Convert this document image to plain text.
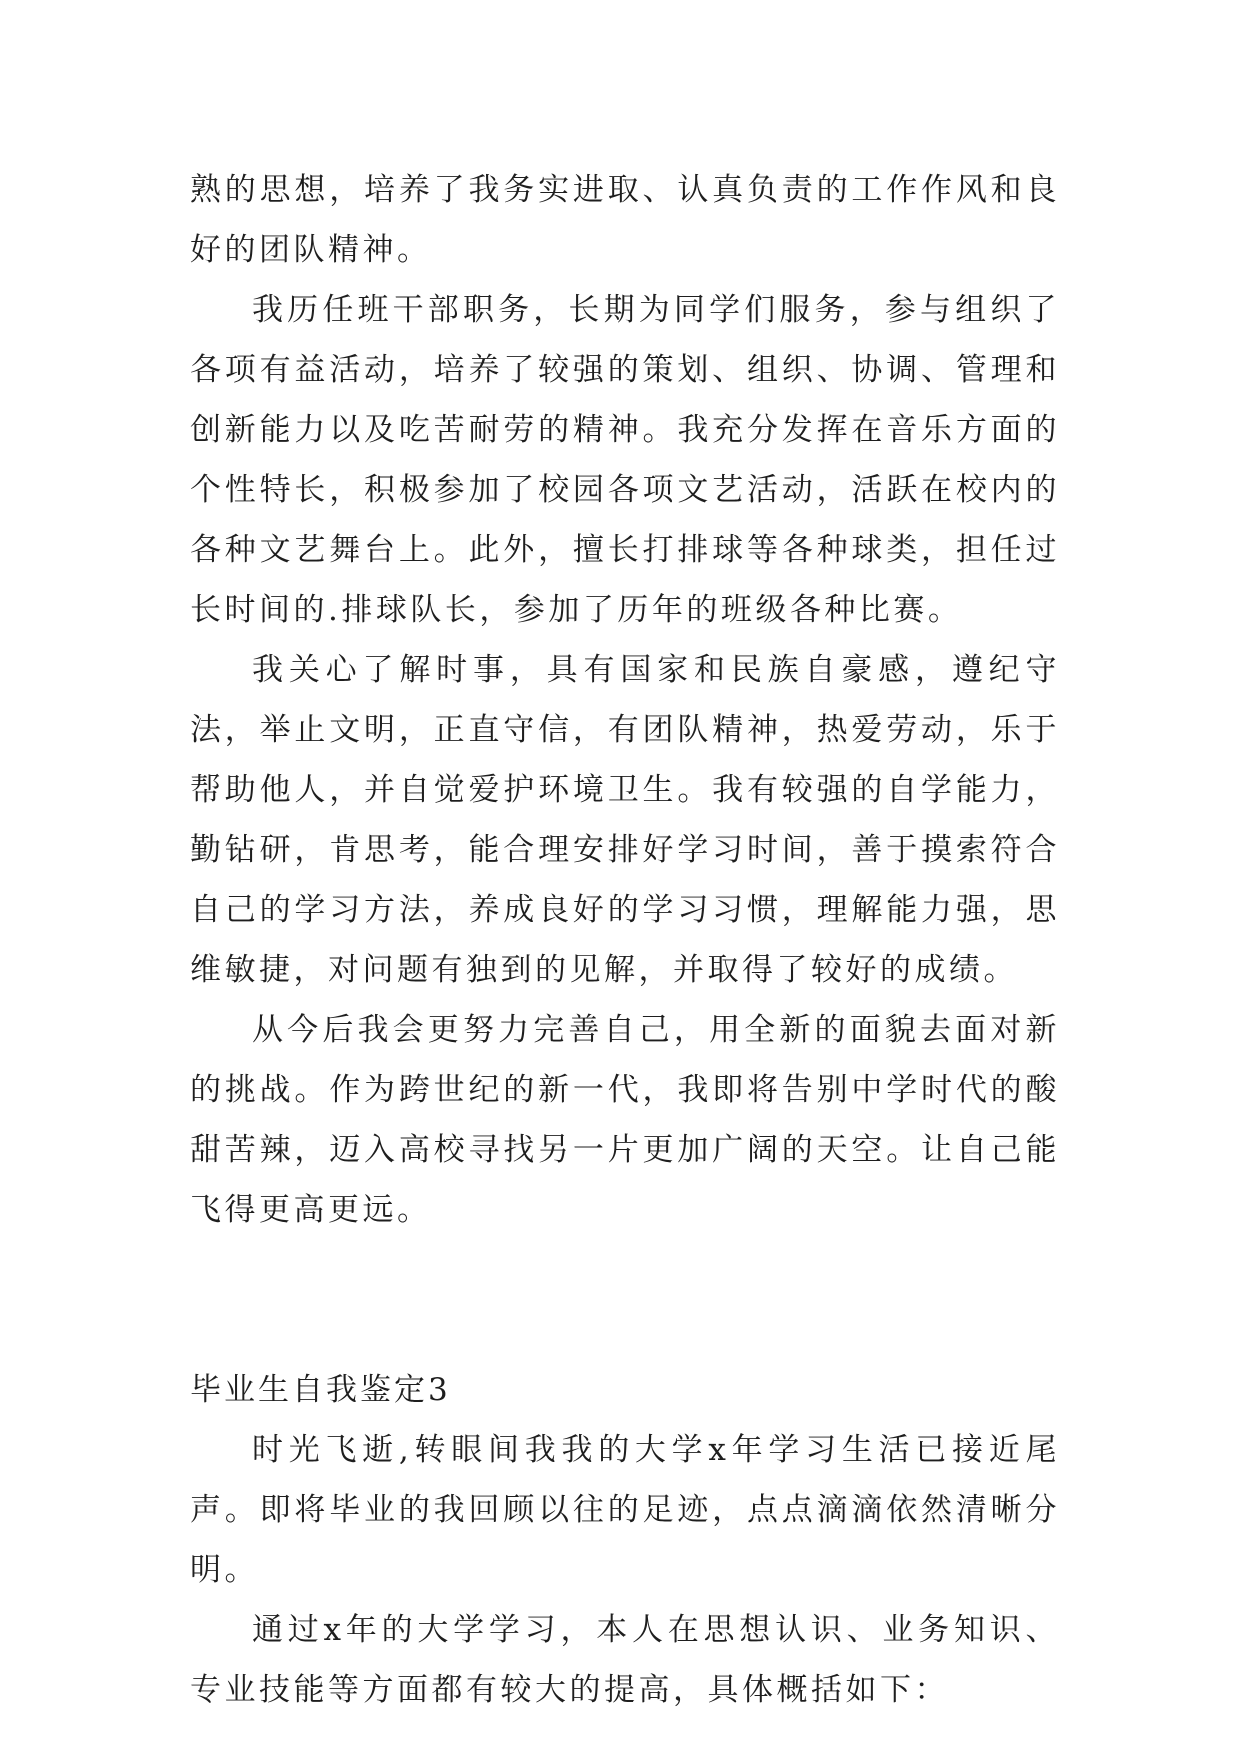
熟的思想，培养了我务实进取、认真负责的工作作风和良好的团队精神。

我历任班干部职务，长期为同学们服务，参与组织了各项有益活动，培养了较强的策划、组织、协调、管理和创新能力以及吃苦耐劳的精神。我充分发挥在音乐方面的个性特长，积极参加了校园各项文艺活动，活跃在校内的各种文艺舞台上。此外，擅长打排球等各种球类，担任过长时间的.排球队长，参加了历年的班级各种比赛。

我关心了解时事，具有国家和民族自豪感，遵纪守法，举止文明，正直守信，有团队精神，热爱劳动，乐于帮助他人，并自觉爱护环境卫生。我有较强的自学能力，勤钻研，肯思考，能合理安排好学习时间，善于摸索符合自己的学习方法，养成良好的学习习惯，理解能力强，思维敏捷，对问题有独到的见解，并取得了较好的成绩。

从今后我会更努力完善自己，用全新的面貌去面对新的挑战。作为跨世纪的新一代，我即将告别中学时代的酸甜苦辣，迈入高校寻找另一片更加广阔的天空。让自己能飞得更高更远。

毕业生自我鉴定3

时光飞逝,转眼间我我的大学x年学习生活已接近尾声。即将毕业的我回顾以往的足迹，点点滴滴依然清晰分明。

通过x年的大学学习，本人在思想认识、业务知识、专业技能等方面都有较大的提高，具体概括如下：
